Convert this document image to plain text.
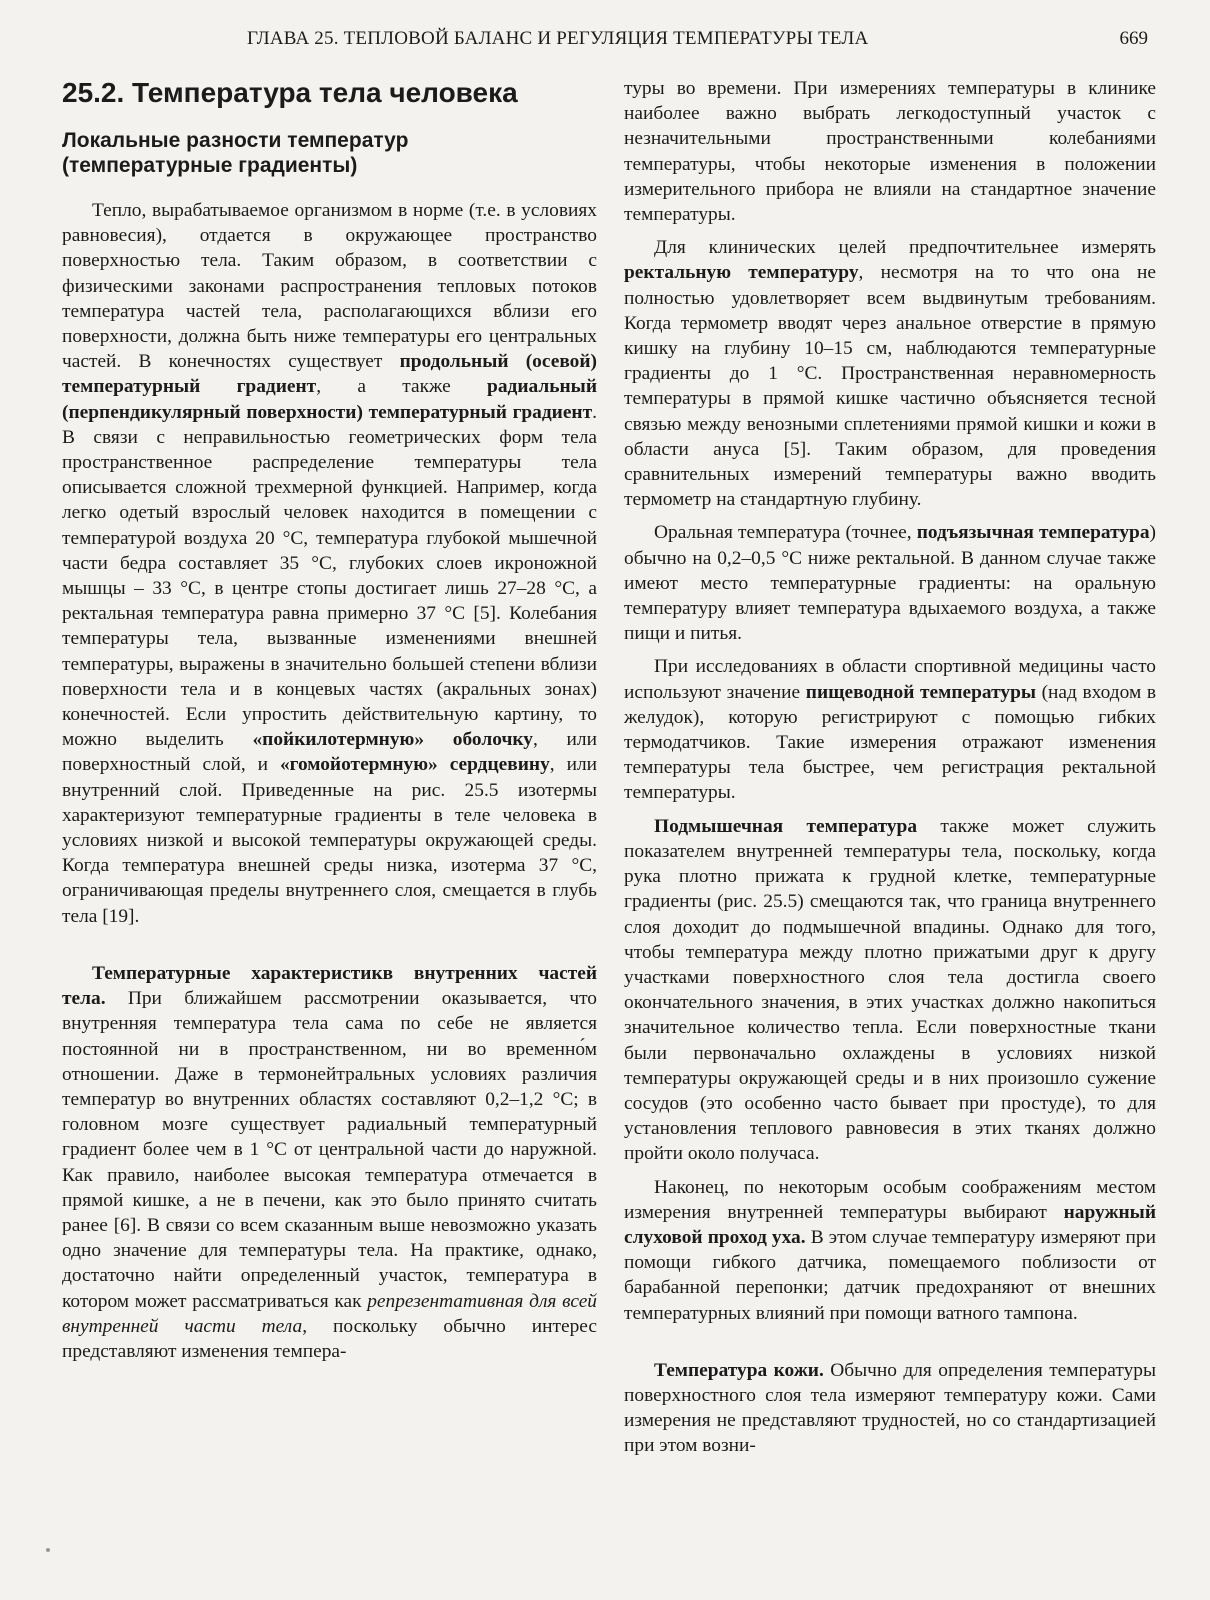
ГЛАВА 25. ТЕПЛОВОЙ БАЛАНС И РЕГУЛЯЦИЯ ТЕМПЕРАТУРЫ ТЕЛА	669
25.2. Температура тела человека
Локальные разности температур
(температурные градиенты)

Тепло, вырабатываемое организмом в норме (т.е. в условиях равновесия), отдается в окружающее пространство поверхностью тела. Таким образом, в соответствии с физическими законами распространения тепловых потоков температура частей тела, располагающихся вблизи его поверхности, должна быть ниже температуры его центральных частей. В конечностях существует продольный (осевой) температурный градиент, а также радиальный (перпендикулярный поверхности) температурный градиент. В связи с неправильностью геометрических форм тела пространственное распределение температуры тела описывается сложной трехмерной функцией. Например, когда легко одетый взрослый человек находится в помещении с температурой воздуха 20 °С, температура глубокой мышечной части бедра составляет 35 °С, глубоких слоев икроножной мышцы – 33 °С, в центре стопы достигает лишь 27–28 °С, а ректальная температура равна примерно 37 °С [5]. Колебания температуры тела, вызванные изменениями внешней температуры, выражены в значительно большей степени вблизи поверхности тела и в концевых частях (акральных зонах) конечностей. Если упростить действительную картину, то можно выделить «пойкилотермную» оболочку, или поверхностный слой, и «гомойотермную» сердцевину, или внутренний слой. Приведенные на рис. 25.5 изотермы характеризуют температурные градиенты в теле человека в условиях низкой и высокой температуры окружающей среды. Когда температура внешней среды низка, изотерма 37 °С, ограничивающая пределы внутреннего слоя, смещается в глубь тела [19].

Температурные характеристикв внутренних частей тела. При ближайшем рассмотрении оказывается, что внутренняя температура тела сама по себе не является постоянной ни в пространственном, ни во временно́м отношении. Даже в термонейтральных условиях различия температур во внутренних областях составляют 0,2–1,2 °С; в головном мозге существует радиальный температурный градиент более чем в 1 °С от центральной части до наружной. Как правило, наиболее высокая температура отмечается в прямой кишке, а не в печени, как это было принято считать ранее [6]. В связи со всем сказанным выше невозможно указать одно значение для температуры тела. На практике, однако, достаточно найти определенный участок, температура в котором может рассматриваться как репрезентативная для всей внутренней части тела, поскольку обычно интерес представляют изменения темпера-

туры во времени. При измерениях температуры в клинике наиболее важно выбрать легкодоступный участок с незначительными пространственными колебаниями температуры, чтобы некоторые изменения в положении измерительного прибора не влияли на стандартное значение температуры.

Для клинических целей предпочтительнее измерять ректальную температуру, несмотря на то что она не полностью удовлетворяет всем выдвинутым требованиям. Когда термометр вводят через анальное отверстие в прямую кишку на глубину 10–15 см, наблюдаются температурные градиенты до 1 °С. Пространственная неравномерность температуры в прямой кишке частично объясняется тесной связью между венозными сплетениями прямой кишки и кожи в области ануса [5]. Таким образом, для проведения сравнительных измерений температуры важно вводить термометр на стандартную глубину.

Оральная температура (точнее, подъязычная температура) обычно на 0,2–0,5 °С ниже ректальной. В данном случае также имеют место температурные градиенты: на оральную температуру влияет температура вдыхаемого воздуха, а также пищи и питья.

При исследованиях в области спортивной медицины часто используют значение пищеводной температуры (над входом в желудок), которую регистрируют с помощью гибких термодатчиков. Такие измерения отражают изменения температуры тела быстрее, чем регистрация ректальной температуры.

Подмышечная температура также может служить показателем внутренней температуры тела, поскольку, когда рука плотно прижата к грудной клетке, температурные градиенты (рис. 25.5) смещаются так, что граница внутреннего слоя доходит до подмышечной впадины. Однако для того, чтобы температура между плотно прижатыми друг к другу участками поверхностного слоя тела достигла своего окончательного значения, в этих участках должно накопиться значительное количество тепла. Если поверхностные ткани были первоначально охлаждены в условиях низкой температуры окружающей среды и в них произошло сужение сосудов (это особенно часто бывает при простуде), то для установления теплового равновесия в этих тканях должно пройти около получаса.

Наконец, по некоторым особым соображениям местом измерения внутренней температуры выбирают наружный слуховой проход уха. В этом случае температуру измеряют при помощи гибкого датчика, помещаемого поблизости от барабанной перепонки; датчик предохраняют от внешних температурных влияний при помощи ватного тампона.

Температура кожи. Обычно для определения температуры поверхностного слоя тела измеряют температуру кожи. Сами измерения не представляют трудностей, но со стандартизацией при этом возни-
